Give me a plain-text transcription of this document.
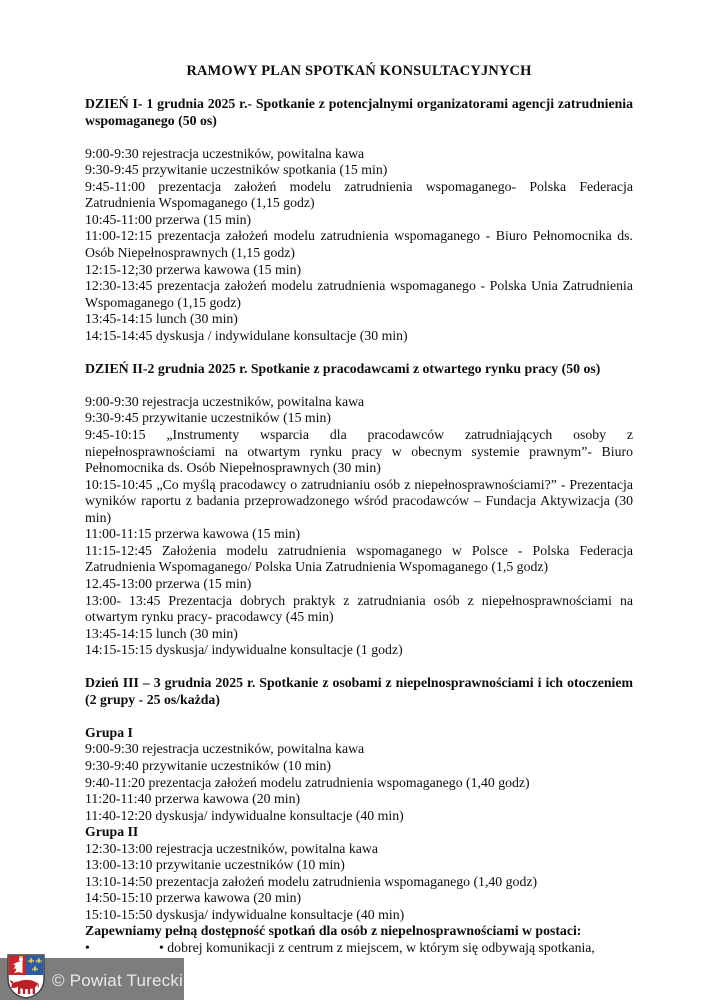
RAMOWY PLAN SPOTKAŃ KONSULTACYJNYCH
DZIEŃ I- 1 grudnia 2025 r.- Spotkanie z potencjalnymi organizatorami agencji zatrudnienia wspomaganego (50 os)
9:00-9:30 rejestracja uczestników, powitalna kawa
9:30-9:45 przywitanie uczestników spotkania (15 min)
9:45-11:00 prezentacja założeń modelu zatrudnienia wspomaganego- Polska Federacja Zatrudnienia Wspomaganego (1,15 godz)
10:45-11:00 przerwa (15 min)
11:00-12:15 prezentacja założeń modelu zatrudnienia wspomaganego - Biuro Pełnomocnika ds. Osób Niepełnosprawnych (1,15 godz)
12:15-12;30 przerwa kawowa (15 min)
12:30-13:45 prezentacja założeń modelu zatrudnienia wspomaganego - Polska Unia Zatrudnienia Wspomaganego (1,15 godz)
13:45-14:15 lunch (30 min)
14:15-14:45 dyskusja / indywidulane konsultacje (30 min)
DZIEŃ II-2 grudnia 2025 r. Spotkanie z pracodawcami z otwartego rynku pracy (50 os)
9:00-9:30 rejestracja uczestników, powitalna kawa
9:30-9:45 przywitanie uczestników (15 min)
9:45-10:15 „Instrumenty wsparcia dla pracodawców zatrudniających osoby z niepełnosprawnościami na otwartym rynku pracy w obecnym systemie prawnym”- Biuro Pełnomocnika ds. Osób Niepełnosprawnych (30 min)
10:15-10:45 „Co myślą pracodawcy o zatrudnianiu osób z niepełnosprawnościami?” - Prezentacja wyników raportu z badania przeprowadzonego wśród pracodawców – Fundacja Aktywizacja (30 min)
11:00-11:15 przerwa kawowa (15 min)
11:15-12:45 Założenia modelu zatrudnienia wspomaganego w Polsce - Polska Federacja Zatrudnienia Wspomaganego/ Polska Unia Zatrudnienia Wspomaganego (1,5 godz)
12.45-13:00 przerwa (15 min)
13:00- 13:45 Prezentacja dobrych praktyk z zatrudniania osób z niepełnosprawnościami na otwartym rynku pracy- pracodawcy (45 min)
13:45-14:15 lunch (30 min)
14:15-15:15 dyskusja/ indywidualne konsultacje (1 godz)
Dzień III – 3 grudnia 2025 r. Spotkanie z osobami z niepelnosprawnościami i ich otoczeniem (2 grupy - 25 os/każda)
Grupa I
9:00-9:30 rejestracja uczestników, powitalna kawa
9:30-9:40 przywitanie uczestników (10 min)
9:40-11:20 prezentacja założeń modelu zatrudnienia wspomaganego (1,40 godz)
11:20-11:40 przerwa kawowa (20 min)
11:40-12:20 dyskusja/ indywidualne konsultacje (40 min)
Grupa II
12:30-13:00 rejestracja uczestników, powitalna kawa
13:00-13:10 przywitanie uczestników (10 min)
13:10-14:50 prezentacja założeń modelu zatrudnienia wspomaganego (1,40 godz)
14:50-15:10 przerwa kawowa (20 min)
15:10-15:50 dyskusja/ indywidualne konsultacje (40 min)
Zapewniamy pełną dostępność spotkań dla osób z niepelnosprawnościami w postaci:
•	• dobrej komunikacji z centrum z miejscem, w którym się odbywają spotkania,
© Powiat Turecki
